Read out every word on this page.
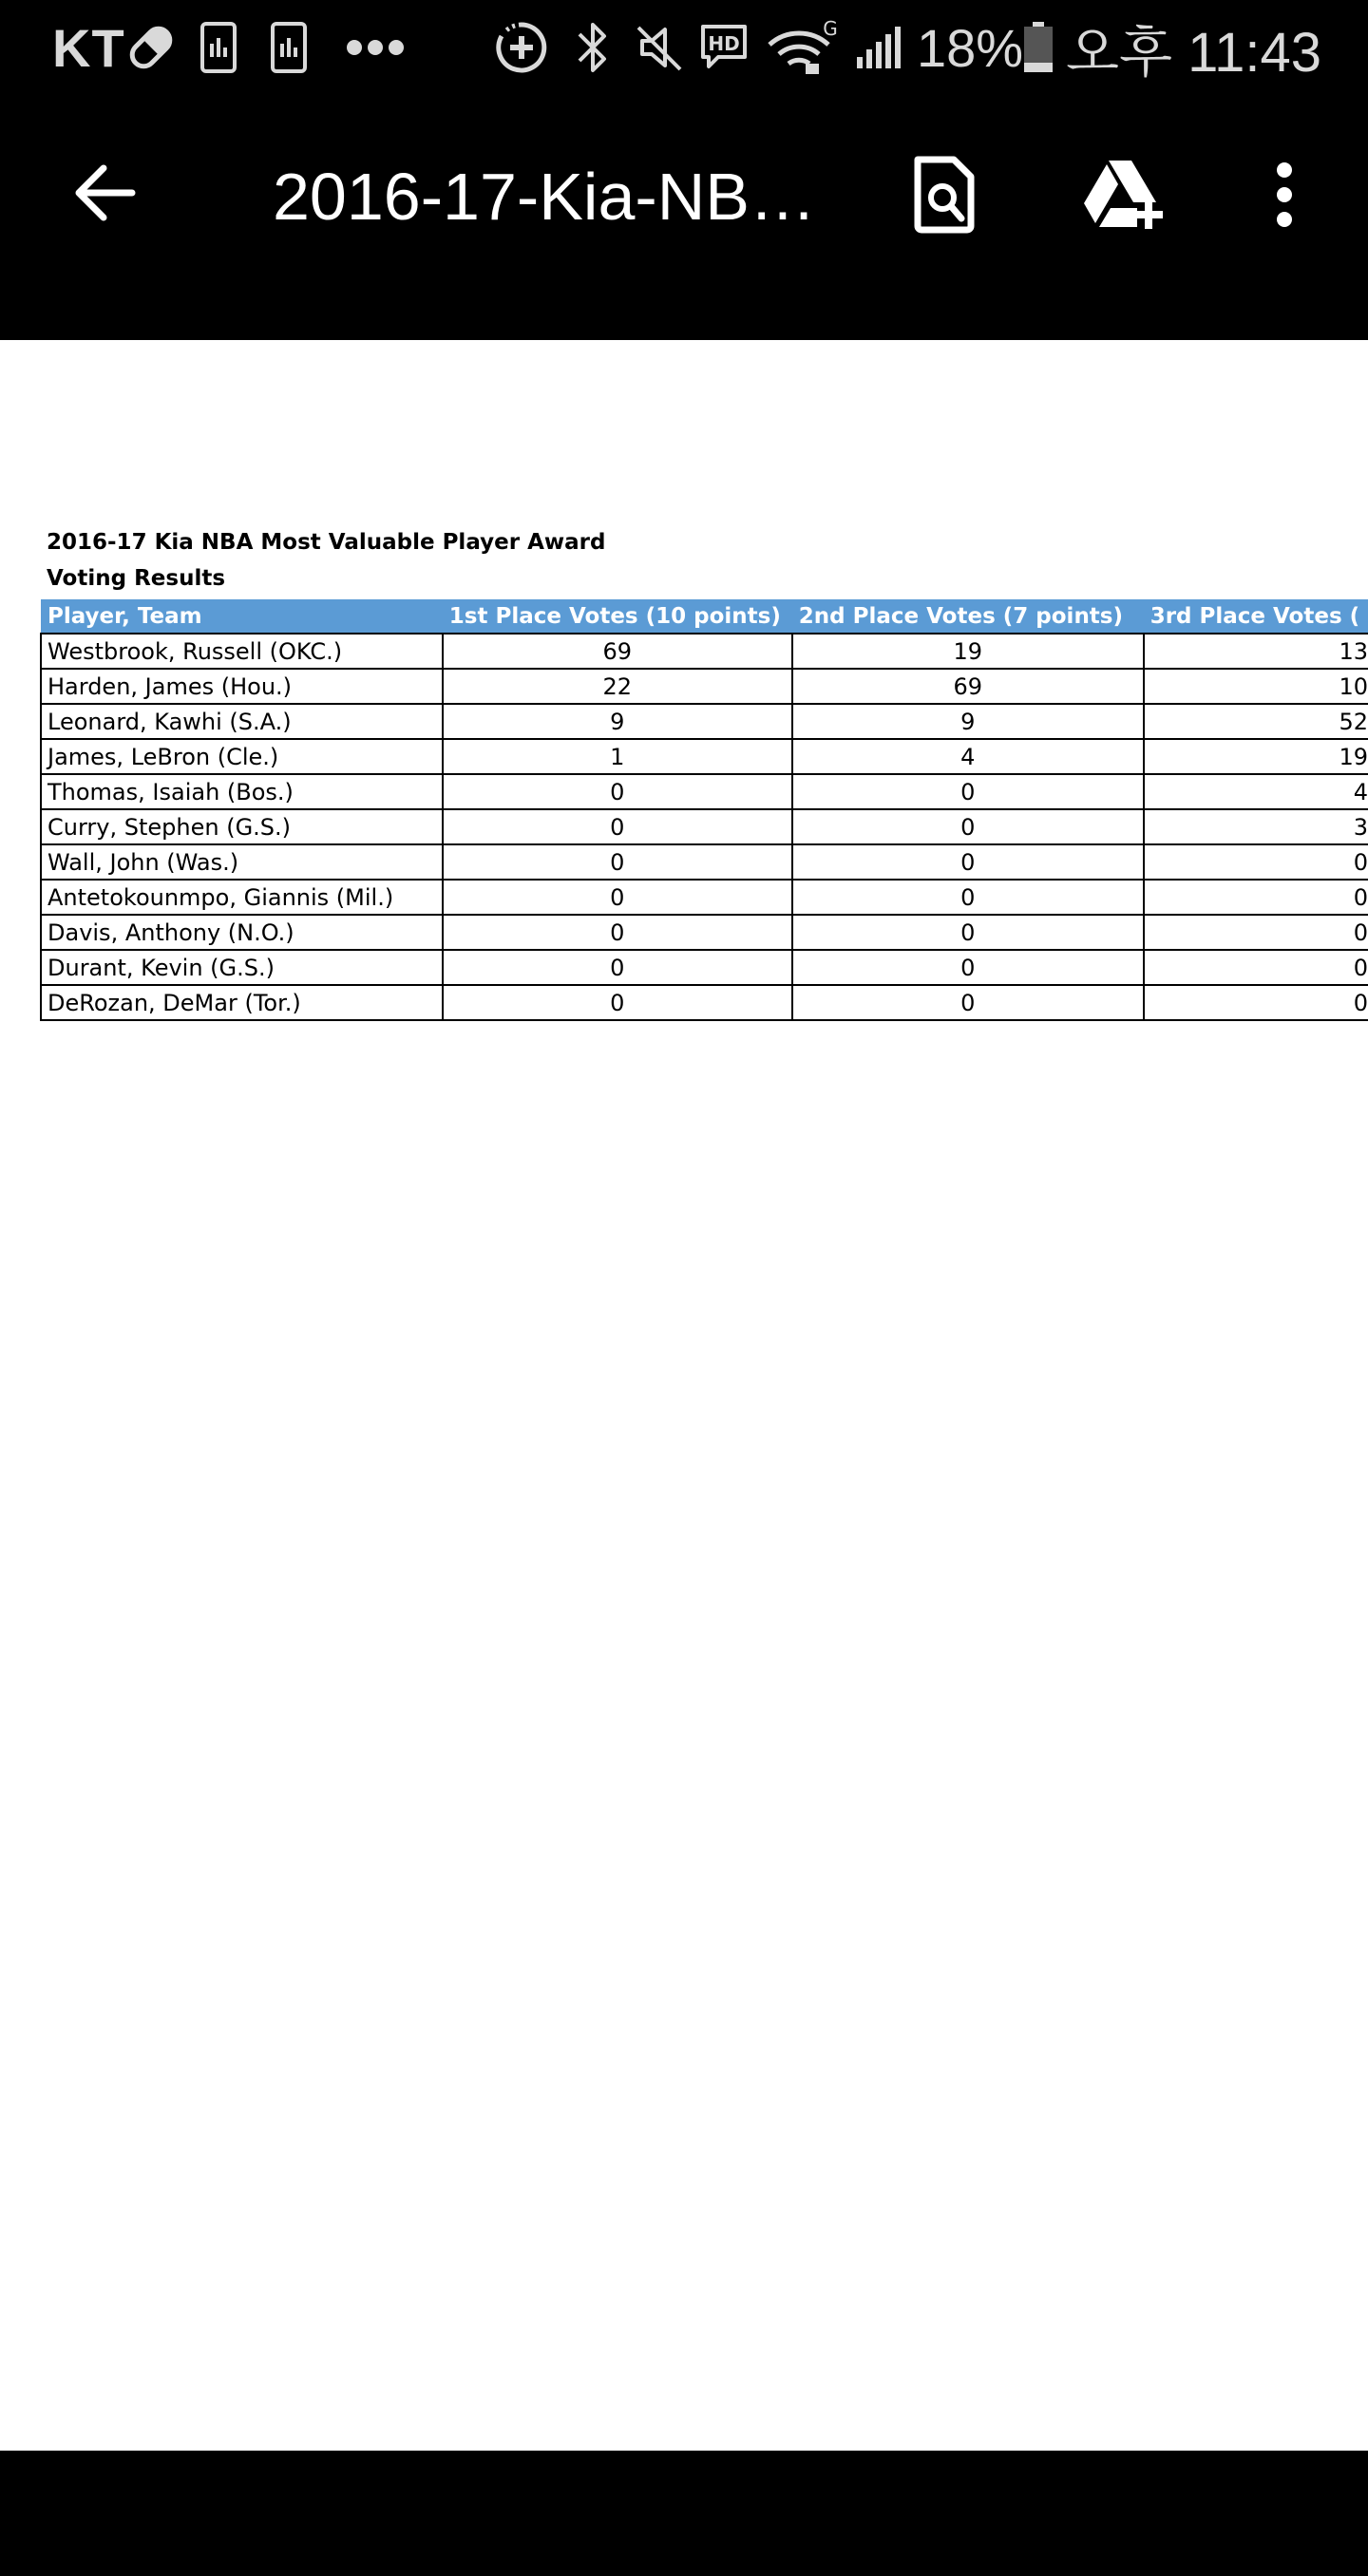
KT	HD
G 18% 오후 11:43
2016-17-Kia-NB…
2016-17 Kia NBA Most Valuable Player Award
Voting Results
Player, Team	1st Place Votes (10 points)	2nd Place Votes (7 points)	3rd Place Votes (
Westbrook, Russell (OKC.)	69	19	13
Harden, James (Hou.)	22	69	10
Leonard, Kawhi (S.A.)	9	9	52
James, LeBron (Cle.)	1	4	19
Thomas, Isaiah (Bos.)	0	0	4
Curry, Stephen (G.S.)	0	0	3
Wall, John (Was.)	0	0	0
Antetokounmpo, Giannis (Mil.)	0	0	0
Davis, Anthony (N.O.)	0	0	0
Durant, Kevin (G.S.)	0	0	0
DeRozan, DeMar (Tor.)	0	0	0
